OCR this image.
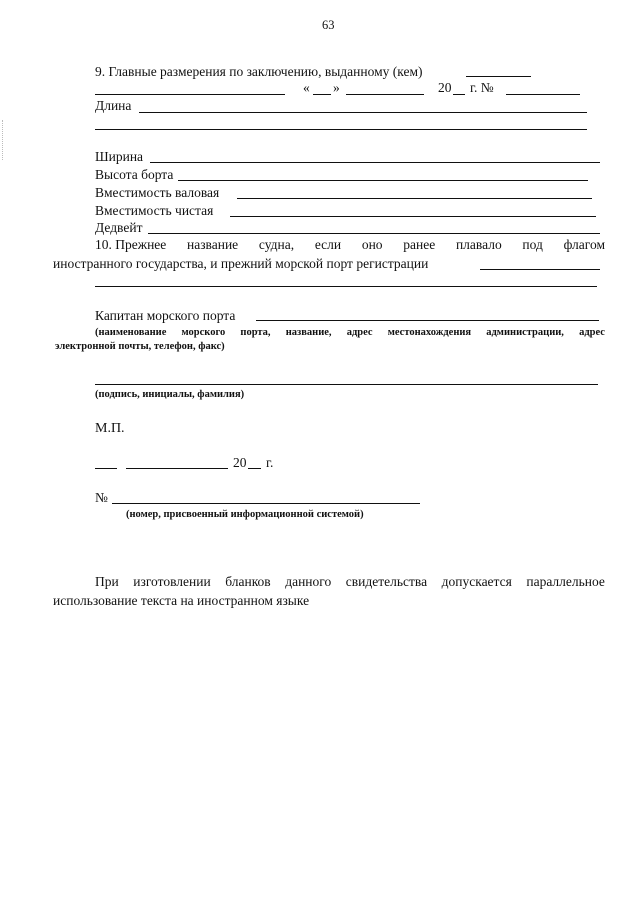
63
9. Главные размерения по заключению, выданному (кем)
« »	20 г. №
Длина
Ширина
Высота борта
Вместимость валовая
Вместимость чистая
Дедвейт
10. Прежнее название судна, если оно ранее плавало под флагом
иностранного государства, и прежний морской порт регистрации
Капитан морского порта
(наименование морского порта, название, адрес местонахождения администрации, адрес
электронной почты, телефон, факс)
(подпись, инициалы, фамилия)
М.П.
20 г.
№
(номер, присвоенный информационной системой)
При изготовлении бланков данного свидетельства допускается параллельное
использование текста на иностранном языке
